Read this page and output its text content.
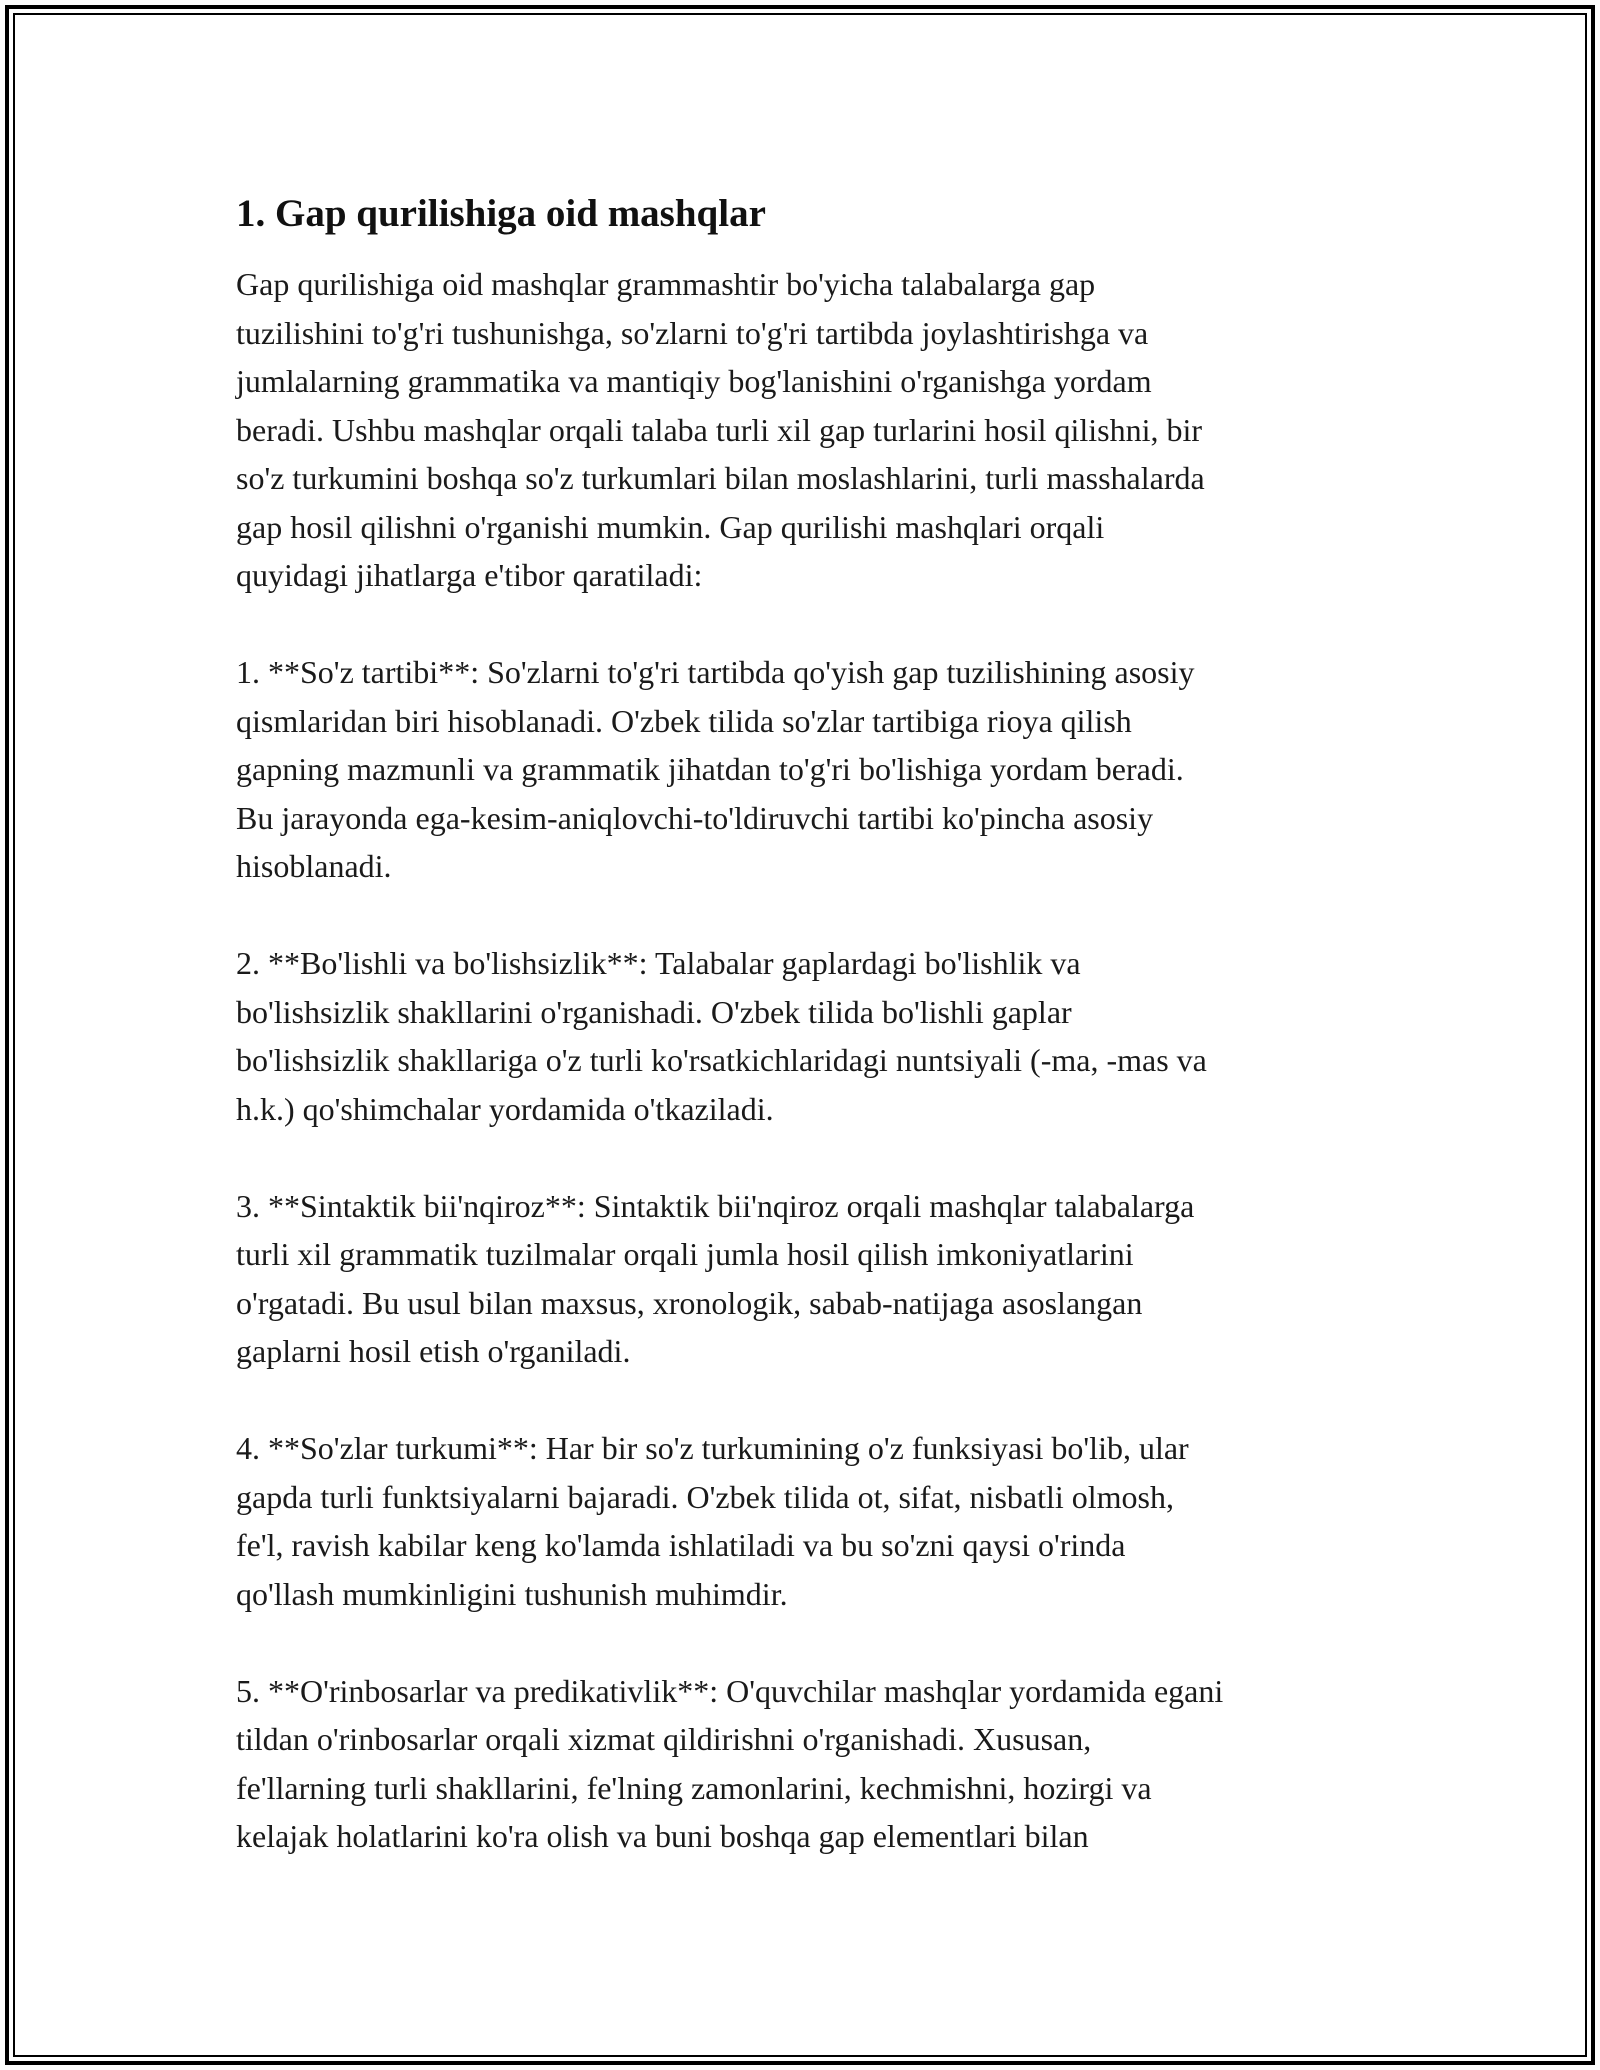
1. Gap qurilishiga oid mashqlar

Gap qurilishiga oid mashqlar grammashtir bo'yicha talabalarga gap
tuzilishini to'g'ri tushunishga, so'zlarni to'g'ri tartibda joylashtirishga va
jumlalarning grammatika va mantiqiy bog'lanishini o'rganishga yordam
beradi. Ushbu mashqlar orqali talaba turli xil gap turlarini hosil qilishni, bir
so'z turkumini boshqa so'z turkumlari bilan moslashlarini, turli masshalarda
gap hosil qilishni o'rganishi mumkin. Gap qurilishi mashqlari orqali
quyidagi jihatlarga e'tibor qaratiladi:

1. **So'z tartibi**: So'zlarni to'g'ri tartibda qo'yish gap tuzilishining asosiy
qismlaridan biri hisoblanadi. O'zbek tilida so'zlar tartibiga rioya qilish
gapning mazmunli va grammatik jihatdan to'g'ri bo'lishiga yordam beradi.
Bu jarayonda ega-kesim-aniqlovchi-to'ldiruvchi tartibi ko'pincha asosiy
hisoblanadi.

2. **Bo'lishli va bo'lishsizlik**: Talabalar gaplardagi bo'lishlik va
bo'lishsizlik shakllarini o'rganishadi. O'zbek tilida bo'lishli gaplar
bo'lishsizlik shakllariga o'z turli ko'rsatkichlaridagi nuntsiyali (-ma, -mas va
h.k.) qo'shimchalar yordamida o'tkaziladi.

3. **Sintaktik bii'nqiroz**: Sintaktik bii'nqiroz orqali mashqlar talabalarga
turli xil grammatik tuzilmalar orqali jumla hosil qilish imkoniyatlarini
o'rgatadi. Bu usul bilan maxsus, xronologik, sabab-natijaga asoslangan
gaplarni hosil etish o'rganiladi.

4. **So'zlar turkumi**: Har bir so'z turkumining o'z funksiyasi bo'lib, ular
gapda turli funktsiyalarni bajaradi. O'zbek tilida ot, sifat, nisbatli olmosh,
fe'l, ravish kabilar keng ko'lamda ishlatiladi va bu so'zni qaysi o'rinda
qo'llash mumkinligini tushunish muhimdir.

5. **O'rinbosarlar va predikativlik**: O'quvchilar mashqlar yordamida egani
tildan o'rinbosarlar orqali xizmat qildirishni o'rganishadi. Xususan,
fe'llarning turli shakllarini, fe'lning zamonlarini, kechmishni, hozirgi va
kelajak holatlarini ko'ra olish va buni boshqa gap elementlari bilan
